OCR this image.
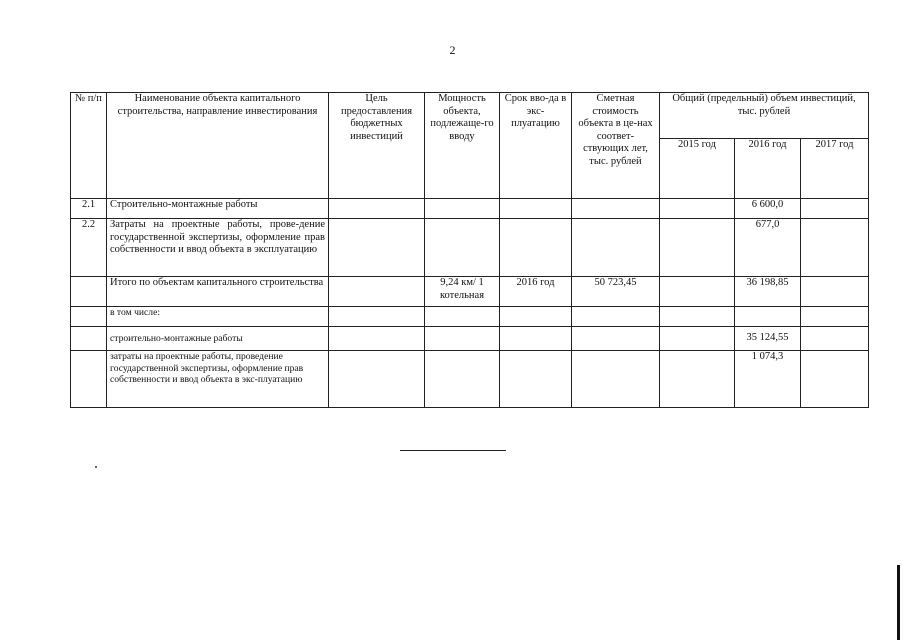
2
№ п/п	Наименование объекта капитального строительства, направление инвестирования	Цель предоставления бюджетных инвестиций	Мощность объекта, подлежаще-го вводу	Срок вво-да в экс-плуатацию	Сметная стоимость объекта в це-нах соответ-ствующих лет, тыс. рублей	Общий (предельный) объем инвестиций, тыс. рублей		
						2015 год	2016 год	2017 год
2.1	Строительно-монтажные работы						6 600,0	
2.2	Затраты на проектные работы, прове-дение государственной экспертизы, оформление прав собственности и ввод объекта в эксплуатацию						677,0	
	Итого по объектам капитального строительства		9,24 км/ 1 котельная	2016 год	50 723,45		36 198,85	
	в том числе:							
	строительно-монтажные работы						35 124,55	
	затраты на проектные работы, проведение государственной экспертизы, оформление прав собственности и ввод объекта в экс-плуатацию						1 074,3	
